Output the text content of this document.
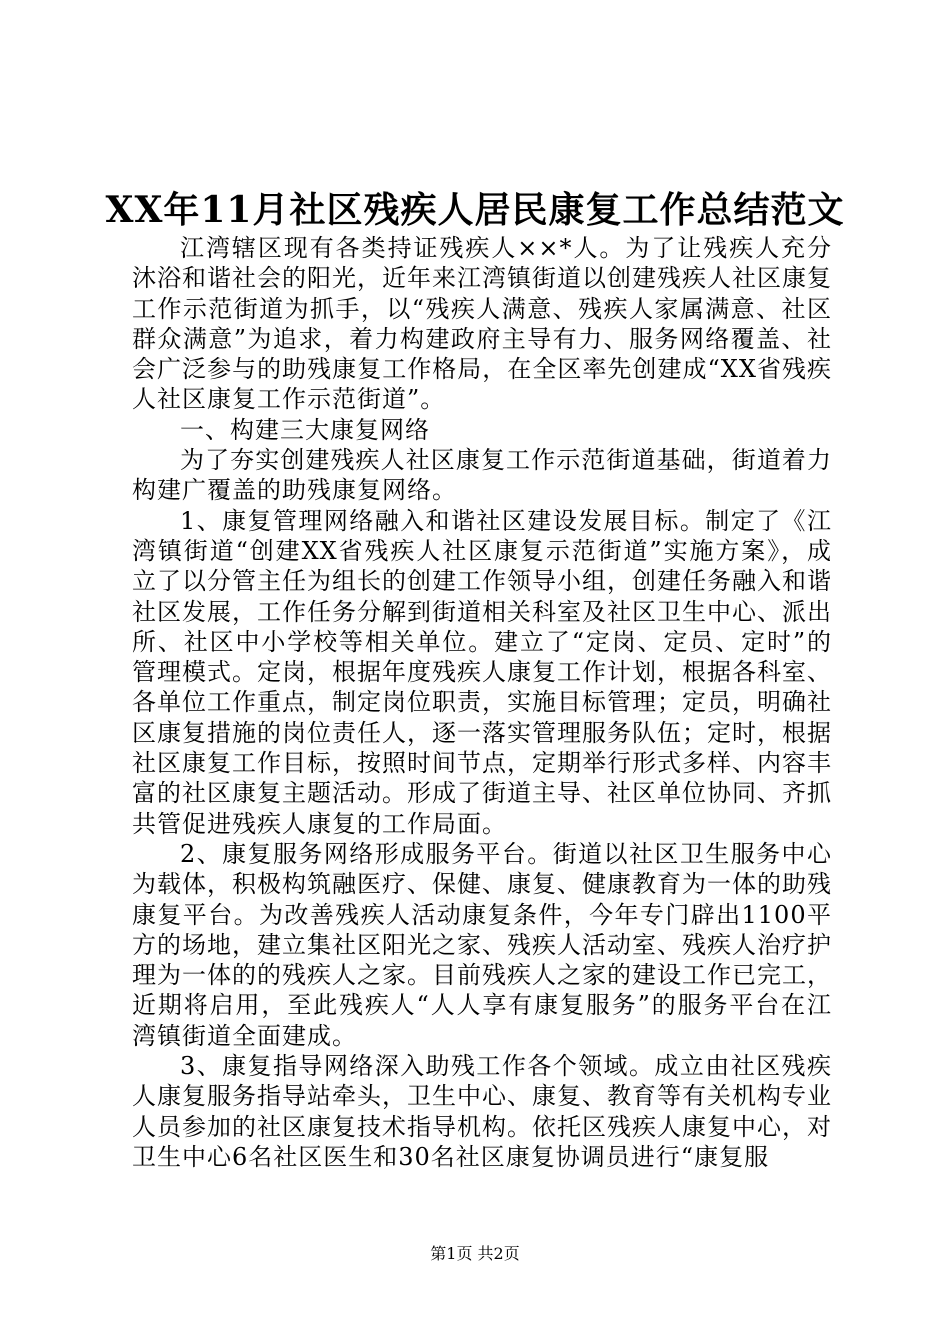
XX年11月社区残疾人居民康复工作总结范文

江湾辖区现有各类持证残疾人××*人。为了让残疾人充分沐浴和谐社会的阳光，近年来江湾镇街道以创建残疾人社区康复工作示范街道为抓手，以“残疾人满意、残疾人家属满意、社区群众满意”为追求，着力构建政府主导有力、服务网络覆盖、社会广泛参与的助残康复工作格局，在全区率先创建成“XX省残疾人社区康复工作示范街道”。

一、构建三大康复网络

为了夯实创建残疾人社区康复工作示范街道基础，街道着力构建广覆盖的助残康复网络。

1、康复管理网络融入和谐社区建设发展目标。制定了《江湾镇街道“创建XX省残疾人社区康复示范街道”实施方案》，成立了以分管主任为组长的创建工作领导小组，创建任务融入和谐社区发展，工作任务分解到街道相关科室及社区卫生中心、派出所、社区中小学校等相关单位。建立了“定岗、定员、定时”的管理模式。定岗，根据年度残疾人康复工作计划，根据各科室、各单位工作重点，制定岗位职责，实施目标管理；定员，明确社区康复措施的岗位责任人，逐一落实管理服务队伍；定时，根据社区康复工作目标，按照时间节点，定期举行形式多样、内容丰富的社区康复主题活动。形成了街道主导、社区单位协同、齐抓共管促进残疾人康复的工作局面。

2、康复服务网络形成服务平台。街道以社区卫生服务中心为载体，积极构筑融医疗、保健、康复、健康教育为一体的助残康复平台。为改善残疾人活动康复条件，今年专门辟出1100平方的场地，建立集社区阳光之家、残疾人活动室、残疾人治疗护理为一体的的残疾人之家。目前残疾人之家的建设工作已完工，近期将启用，至此残疾人“人人享有康复服务”的服务平台在江湾镇街道全面建成。

3、康复指导网络深入助残工作各个领域。成立由社区残疾人康复服务指导站牵头，卫生中心、康复、教育等有关机构专业人员参加的社区康复技术指导机构。依托区残疾人康复中心，对卫生中心6名社区医生和30名社区康复协调员进行“康复服

第1页 共2页
